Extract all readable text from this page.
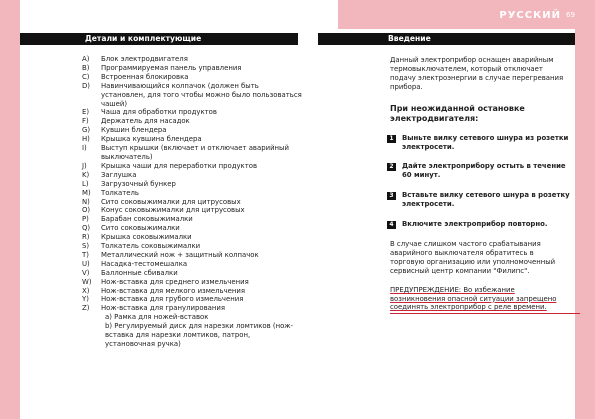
РУССКИЙ 69
Детали и комплектующие	Введение
A) Блок электродвигателя
B) Программируемая панель управления
C) Встроенная блокировка
D) Навинчивающийся колпачок (должен быть установлен, для того чтобы можно было пользоваться чашей)
E) Чаша для обработки продуктов
F) Держатель для насадок
G) Кувшин блендера
H) Крышка кувшина блендера
I) Выступ крышки (включает и отключает аварийный выключатель)
J) Крышка чаши для переработки продуктов
K) Заглушка
L) Загрузочный бункер
M) Толкатель
N) Сито соковыжималки для цитрусовых
O) Конус соковыжималки для цитрусовых
P) Барабан соковыжималки
Q) Сито соковыжималки
R) Крышка соковыжималки
S) Толкатель соковыжималки
T) Металлический нож + защитный колпачок
U) Насадка-тестомешалка
V) Баллонные сбивалки
W) Нож-вставка для среднего измельчения
X) Нож-вставка для мелкого измельчения
Y) Нож-вставка для грубого измельчения
Z) Нож-вставка для гранулирования
a) Рамка для ножей-вставок
b) Регулируемый диск для нарезки ломтиков (нож-вставка для нарезки ломтиков, патрон, установочная ручка)

Данный электроприбор оснащен аварийным термовыключателем, который отключает подачу электроэнергии в случае перегревания прибора.

При неожиданной остановке электродвигателя:

1	Выньте вилку сетевого шнура из розетки электросети.
2	Дайте электроприбору остыть в течение 60 минут.
3	Вставьте вилку сетевого шнура в розетку электросети.
4	Включите электроприбор повторно.

В случае слишком частого срабатывания аварийного выключателя обратитесь в торговую организацию или уполномоченный сервисный центр компании "Филипс".

ПРЕДУПРЕЖДЕНИЕ: Во избежание возникновения опасной ситуации запрещено соединять электроприбор с реле времени.
